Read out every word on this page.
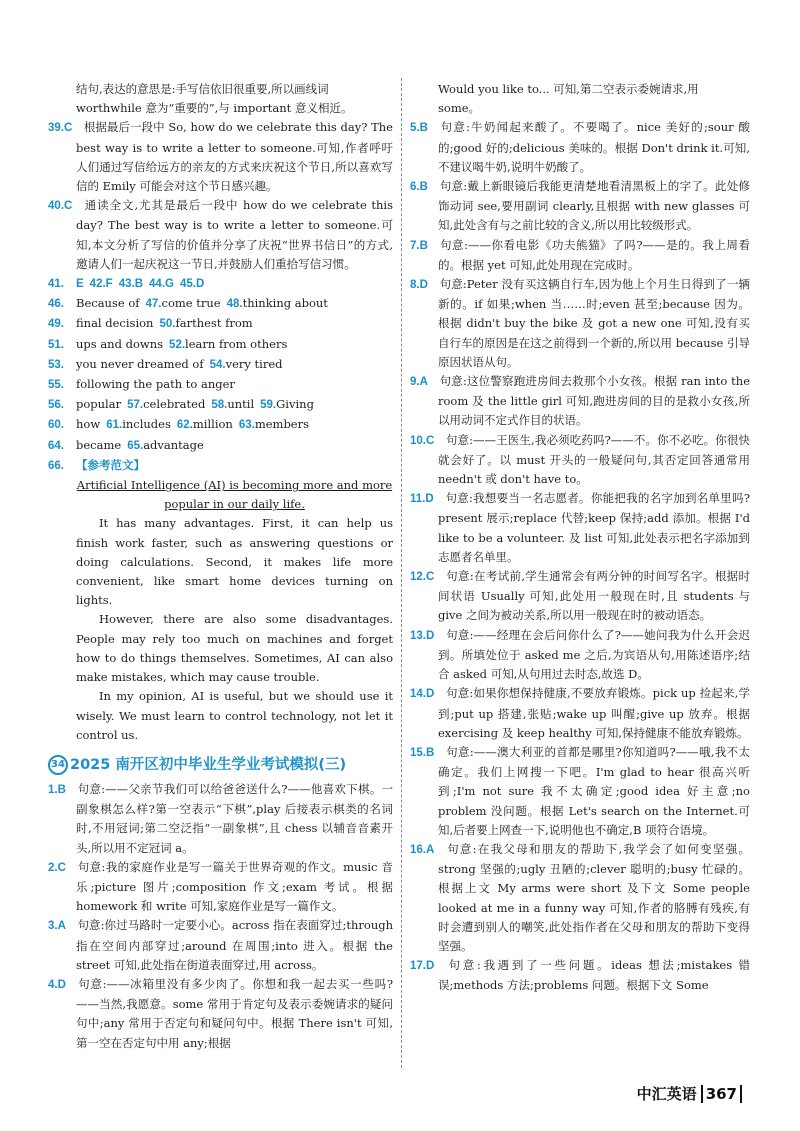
结句,表达的意思是:手写信依旧很重要,所以画线词
worthwhile 意为“重要的”,与 important 意义相近。
39.C  根据最后一段中 So, how do we celebrate this day? The best way is to write a letter to someone.可知,作者呼吁人们通过写信给远方的亲友的方式来庆祝这个节日,所以喜欢写信的 Emily 可能会对这个节日感兴趣。
40.C  通读全文,尤其是最后一段中 how do we celebrate this day? The best way is to write a letter to someone.可知,本文分析了写信的价值并分享了庆祝“世界书信日”的方式,邀请人们一起庆祝这一节日,并鼓励人们重拾写信习惯。
41. E 42.F 43.B 44.G 45.D
46. Because of 47.come true 48.thinking about
49. final decision 50.farthest from
51. ups and downs 52.learn from others
53. you never dreamed of 54.very tired
55. following the path to anger
56. popular 57.celebrated 58.until 59.Giving
60. how 61.includes 62.million 63.members
64. became 65.advantage
66. 【参考范文】
Artificial Intelligence (AI) is becoming more and more popular in our daily life.
It has many advantages. First, it can help us finish work faster, such as answering questions or doing calculations. Second, it makes life more convenient, like smart home devices turning on lights.
However, there are also some disadvantages. People may rely too much on machines and forget how to do things themselves. Sometimes, AI can also make mistakes, which may cause trouble.
In my opinion, AI is useful, but we should use it wisely. We must learn to control technology, not let it control us.
34 2025 南开区初中毕业生学业考试模拟(三)
1.B  句意:——父亲节我们可以给爸爸送什么?——他喜欢下棋。一副象棋怎么样?第一空表示“下棋”,play 后接表示棋类的名词时,不用冠词;第二空泛指“一副象棋”,且 chess 以辅音音素开头,所以用不定冠词 a。
2.C  句意:我的家庭作业是写一篇关于世界奇观的作文。music 音乐;picture 图片;composition 作文;exam 考试。根据 homework 和 write 可知,家庭作业是写一篇作文。
3.A  句意:你过马路时一定要小心。across 指在表面穿过;through 指在空间内部穿过;around 在周围;into 进入。根据 the street 可知,此处指在街道表面穿过,用 across。
4.D  句意:——冰箱里没有多少肉了。你想和我一起去买一些吗?——当然,我愿意。some 常用于肯定句及表示委婉请求的疑问句中;any 常用于否定句和疑问句中。根据 There isn't 可知,第一空在否定句中用 any;根据
Would you like to... 可知,第二空表示委婉请求,用
some。
5.B  句意:牛奶闻起来酸了。不要喝了。nice 美好的;sour 酸的;good 好的;delicious 美味的。根据 Don't drink it.可知,不建议喝牛奶,说明牛奶酸了。
6.B  句意:戴上新眼镜后我能更清楚地看清黑板上的字了。此处修饰动词 see,要用副词 clearly,且根据 with new glasses 可知,此处含有与之前比较的含义,所以用比较级形式。
7.B  句意:——你看电影《功夫熊猫》了吗?——是的。我上周看的。根据 yet 可知,此处用现在完成时。
8.D  句意:Peter 没有买这辆自行车,因为他上个月生日得到了一辆新的。if 如果;when 当……时;even 甚至;because 因为。根据 didn't buy the bike 及 got a new one 可知,没有买自行车的原因是在这之前得到一个新的,所以用 because 引导原因状语从句。
9.A  句意:这位警察跑进房间去救那个小女孩。根据 ran into the room 及 the little girl 可知,跑进房间的目的是救小女孩,所以用动词不定式作目的状语。
10.C  句意:——王医生,我必须吃药吗?——不。你不必吃。你很快就会好了。以 must 开头的一般疑问句,其否定回答通常用 needn't 或 don't have to。
11.D  句意:我想要当一名志愿者。你能把我的名字加到名单里吗?present 展示;replace 代替;keep 保持;add 添加。根据 I'd like to be a volunteer. 及 list 可知,此处表示把名字添加到志愿者名单里。
12.C  句意:在考试前,学生通常会有两分钟的时间写名字。根据时间状语 Usually 可知,此处用一般现在时,且 students 与 give 之间为被动关系,所以用一般现在时的被动语态。
13.D  句意:——经理在会后问你什么了?——她问我为什么开会迟到。所填处位于 asked me 之后,为宾语从句,用陈述语序;结合 asked 可知,从句用过去时态,故选 D。
14.D  句意:如果你想保持健康,不要放弃锻炼。pick up 捡起来,学到;put up 搭建,张贴;wake up 叫醒;give up 放弃。根据 exercising 及 keep healthy 可知,保持健康不能放弃锻炼。
15.B  句意:——澳大利亚的首都是哪里?你知道吗?——哦,我不太确定。我们上网搜一下吧。I'm glad to hear 很高兴听到;I'm not sure 我不太确定;good idea 好主意;no problem 没问题。根据 Let's search on the Internet.可知,后者要上网查一下,说明他也不确定,B 项符合语境。
16.A  句意:在我父母和朋友的帮助下,我学会了如何变坚强。strong 坚强的;ugly 丑陋的;clever 聪明的;busy 忙碌的。根据上文 My arms were short 及下文 Some people looked at me in a funny way 可知,作者的胳膊有残疾,有时会遭到别人的嘲笑,此处指作者在父母和朋友的帮助下变得坚强。
17.D  句意:我遇到了一些问题。ideas 想法;mistakes 错误;methods 方法;problems 问题。根据下文 Some
中汇英语 367
